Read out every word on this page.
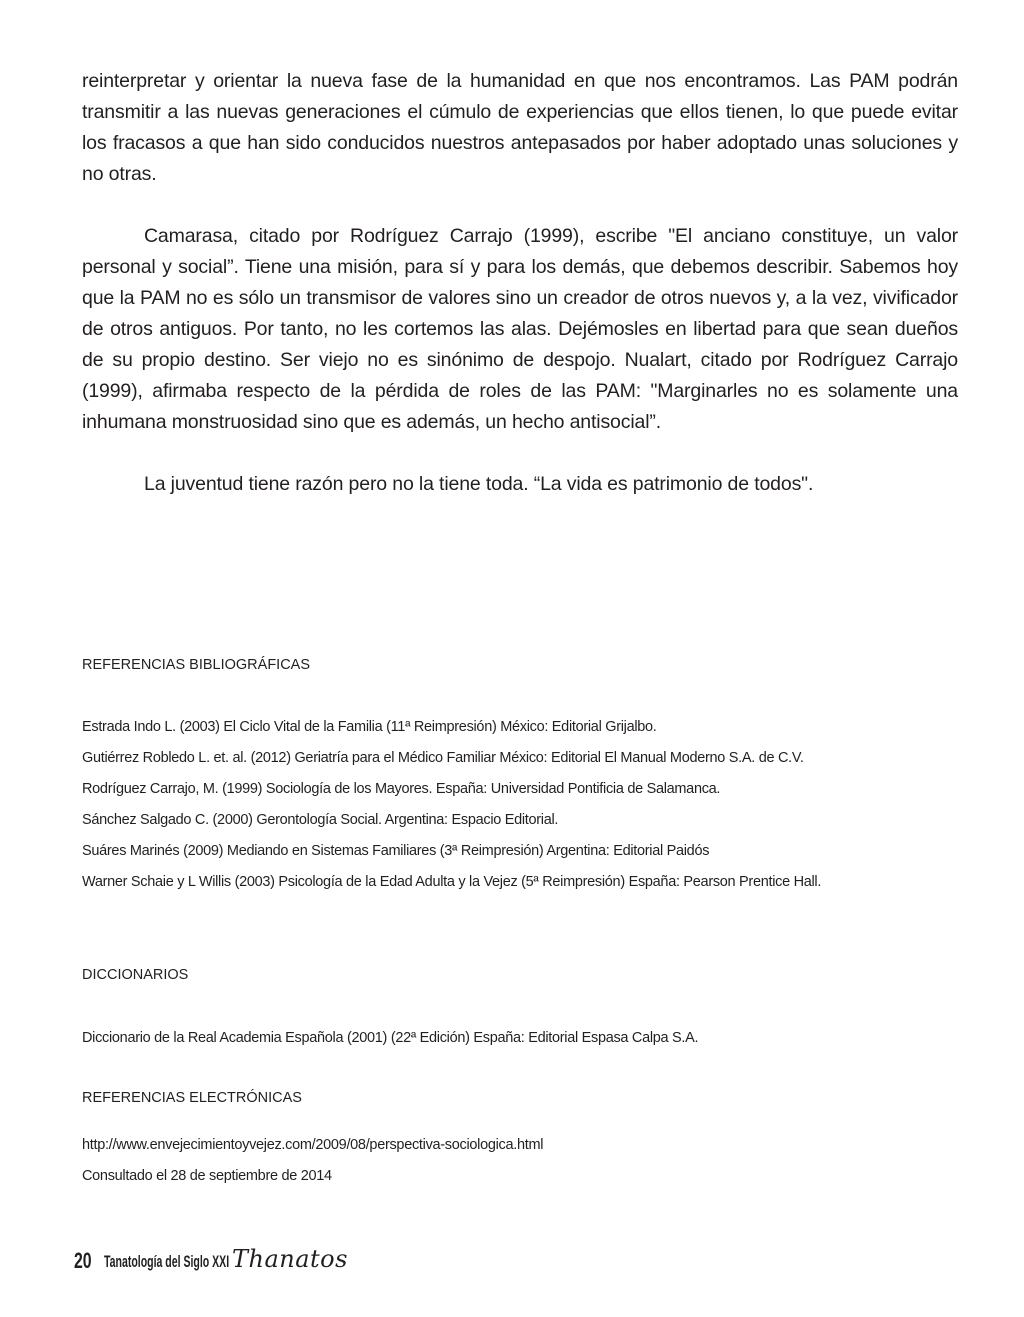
reinterpretar y orientar la nueva fase de la humanidad en que nos encontramos. Las PAM podrán transmitir a las nuevas generaciones el cúmulo de experiencias que ellos tienen, lo que puede evitar los fracasos a que han sido conducidos nuestros antepasados por haber adoptado unas soluciones y no otras.

Camarasa, citado por Rodríguez Carrajo (1999), escribe "El anciano constituye, un valor personal y social”. Tiene una misión, para sí y para los demás, que debemos describir. Sabemos hoy que la PAM no es sólo un transmisor de valores sino un creador de otros nuevos y, a la vez, vivificador de otros antiguos. Por tanto, no les cortemos las alas. Dejémosles en libertad para que sean dueños de su propio destino. Ser viejo no es sinónimo de despojo. Nualart, citado por Rodríguez Carrajo (1999), afirmaba respecto de la pérdida de roles de las PAM: "Marginarles no es solamente una inhumana monstruosidad sino que es además, un hecho antisocial”.

La juventud tiene razón pero no la tiene toda. “La vida es patrimonio de todos".

REFERENCIAS BIBLIOGRÁFICAS
Estrada Indo L. (2003) El Ciclo Vital de la Familia (11ª Reimpresión) México: Editorial Grijalbo.
Gutiérrez Robledo L. et. al. (2012) Geriatría para el Médico Familiar México: Editorial El Manual Moderno S.A. de C.V.
Rodríguez Carrajo, M. (1999) Sociología de los Mayores. España: Universidad Pontificia de Salamanca.
Sánchez Salgado C. (2000) Gerontología Social. Argentina: Espacio Editorial.
Suáres Marinés (2009) Mediando en Sistemas Familiares (3ª Reimpresión) Argentina: Editorial Paidós
Warner Schaie y L Willis (2003) Psicología de la Edad Adulta y la Vejez (5ª Reimpresión) España: Pearson Prentice Hall.
DICCIONARIOS
Diccionario de la Real Academia Española (2001) (22ª Edición) España: Editorial Espasa Calpa S.A.
REFERENCIAS ELECTRÓNICAS
http://www.envejecimientoyvejez.com/2009/08/perspectiva-sociologica.html
Consultado el 28 de septiembre de 2014
20 Tanatología del Siglo XXI Thanatos
